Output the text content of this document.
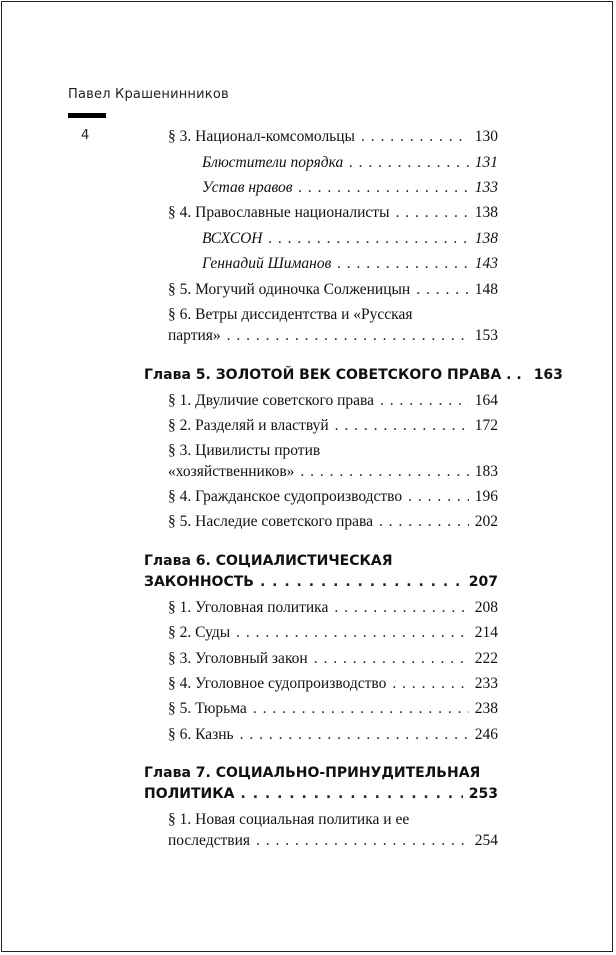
Павел Крашенинников
4	§ 3. Национал-комсомольцы . . .	130
Блюстители порядка . . .	131
Устав нравов . . .	133
§ 4. Православные националисты . . .	138
ВСХСОН . . .	138
Геннадий Шиманов . . .	143
§ 5. Могучий одиночка Солженицын . . .	148
§ 6. Ветры диссидентства и «Русская
партия» . . .	153
Глава 5. ЗОЛОТОЙ ВЕК СОВЕТСКОГО ПРАВА . . 163
§ 1. Двуличие советского права . . .	164
§ 2. Разделяй и властвуй . . .	172
§ 3. Цивилисты против
«хозяйственников» . . .	183
§ 4. Гражданское судопроизводство . . .	196
§ 5. Наследие советского права . . .	202
Глава 6. СОЦИАЛИСТИЧЕСКАЯ
ЗАКОННОСТЬ . . .	207
§ 1. Уголовная политика . . .	208
§ 2. Суды . . .	214
§ 3. Уголовный закон . . .	222
§ 4. Уголовное судопроизводство . . .	233
§ 5. Тюрьма . . .	238
§ 6. Казнь . . .	246
Глава 7. СОЦИАЛЬНО-ПРИНУДИТЕЛЬНАЯ
ПОЛИТИКА . . .	253
§ 1. Новая социальная политика и ее
последствия . . .	254
